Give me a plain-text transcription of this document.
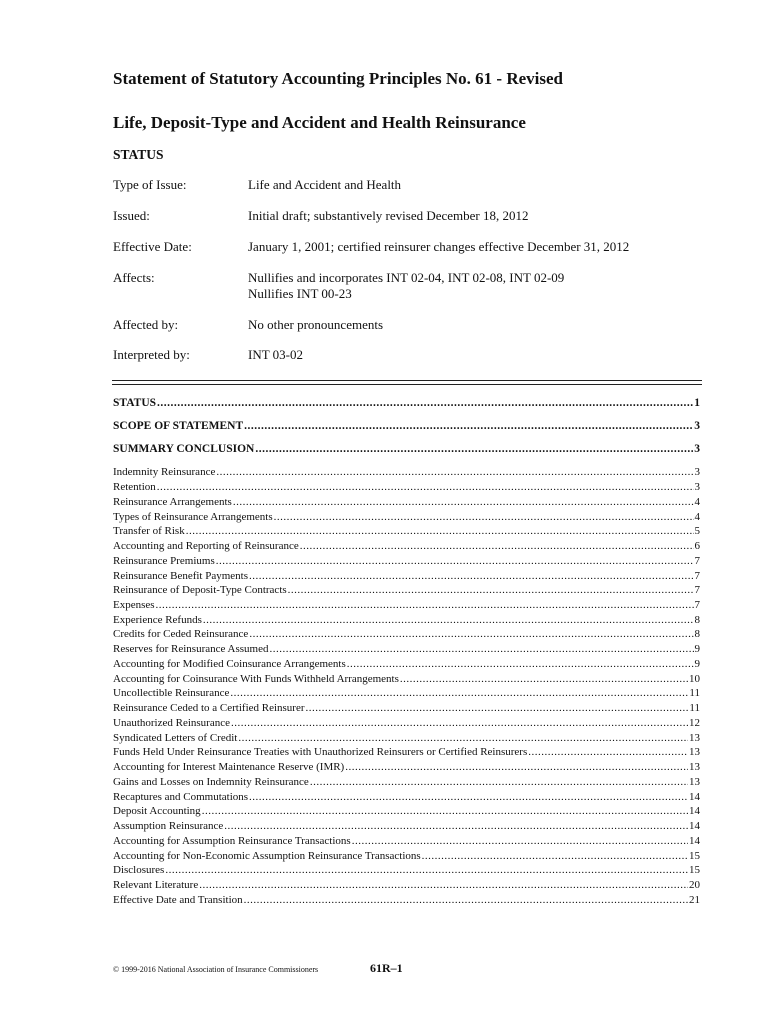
Statement of Statutory Accounting Principles No. 61 - Revised
Life, Deposit-Type and Accident and Health Reinsurance
STATUS
Type of Issue:	Life and Accident and Health
Issued:	Initial draft; substantively revised December 18, 2012
Effective Date:	January 1, 2001; certified reinsurer changes effective December 31, 2012
Affects:	Nullifies and incorporates INT 02-04, INT 02-08, INT 02-09
Nullifies INT 00-23
Affected by:	No other pronouncements
Interpreted by:	INT 03-02
STATUS .....	1
SCOPE OF STATEMENT .....	3
SUMMARY CONCLUSION .....	3
Indemnity Reinsurance .....	3
Retention .....	3
Reinsurance Arrangements .....	4
Types of Reinsurance Arrangements .....	4
Transfer of Risk .....	5
Accounting and Reporting of Reinsurance .....	6
Reinsurance Premiums .....	7
Reinsurance Benefit Payments .....	7
Reinsurance of Deposit-Type Contracts .....	7
Expenses .....	7
Experience Refunds .....	8
Credits for Ceded Reinsurance .....	8
Reserves for Reinsurance Assumed .....	9
Accounting for Modified Coinsurance Arrangements .....	9
Accounting for Coinsurance With Funds Withheld Arrangements .....	10
Uncollectible Reinsurance .....	11
Reinsurance Ceded to a Certified Reinsurer .....	11
Unauthorized Reinsurance .....	12
Syndicated Letters of Credit .....	13
Funds Held Under Reinsurance Treaties with Unauthorized Reinsurers or Certified Reinsurers .....	13
Accounting for Interest Maintenance Reserve (IMR) .....	13
Gains and Losses on Indemnity Reinsurance .....	13
Recaptures and Commutations .....	14
Deposit Accounting .....	14
Assumption Reinsurance .....	14
Accounting for Assumption Reinsurance Transactions .....	14
Accounting for Non-Economic Assumption Reinsurance Transactions .....	15
Disclosures .....	15
Relevant Literature .....	20
Effective Date and Transition .....	21
© 1999-2016 National Association of Insurance Commissioners	61R–1
